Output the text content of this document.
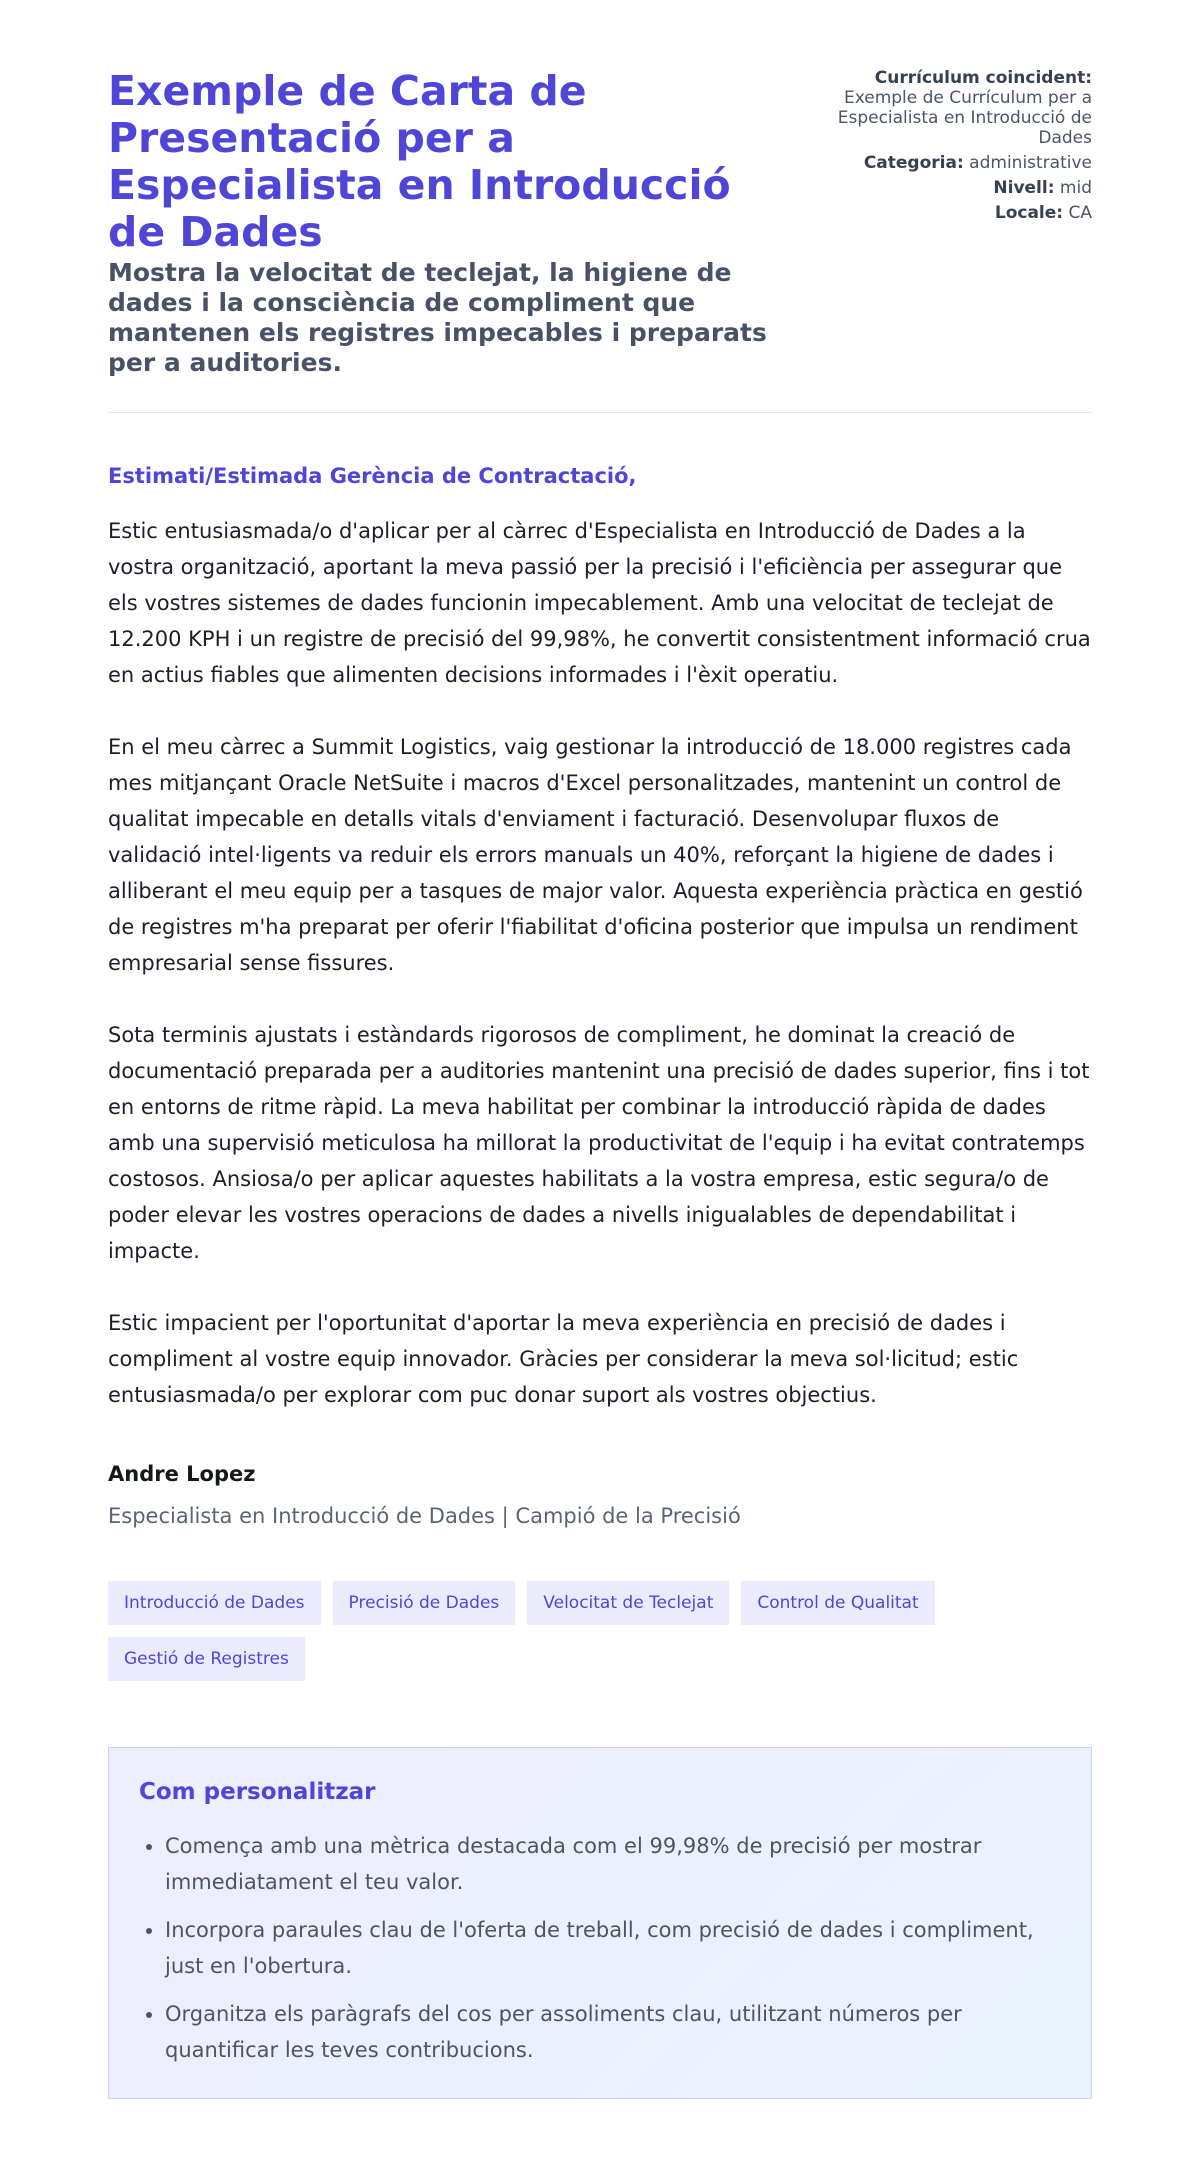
Exemple de Carta de Presentació per a Especialista en Introducció de Dades
Mostra la velocitat de teclejat, la higiene de dades i la consciència de compliment que mantenen els registres impecables i preparats per a auditories.
Currículum coincident:
Exemple de Currículum per a Especialista en Introducció de Dades
Categoria: administrative
Nivell: mid
Locale: CA

Estimati/Estimada Gerència de Contractació,

Estic entusiasmada/o d'aplicar per al càrrec d'Especialista en Introducció de Dades a la vostra organització, aportant la meva passió per la precisió i l'eficiència per assegurar que els vostres sistemes de dades funcionin impecablement. Amb una velocitat de teclejat de 12.200 KPH i un registre de precisió del 99,98%, he convertit consistentment informació crua en actius fiables que alimenten decisions informades i l'èxit operatiu.

En el meu càrrec a Summit Logistics, vaig gestionar la introducció de 18.000 registres cada mes mitjançant Oracle NetSuite i macros d'Excel personalitzades, mantenint un control de qualitat impecable en detalls vitals d'enviament i facturació. Desenvolupar fluxos de validació intel·ligents va reduir els errors manuals un 40%, reforçant la higiene de dades i alliberant el meu equip per a tasques de major valor. Aquesta experiència pràctica en gestió de registres m'ha preparat per oferir l'fiabilitat d'oficina posterior que impulsa un rendiment empresarial sense fissures.

Sota terminis ajustats i estàndards rigorosos de compliment, he dominat la creació de documentació preparada per a auditories mantenint una precisió de dades superior, fins i tot en entorns de ritme ràpid. La meva habilitat per combinar la introducció ràpida de dades amb una supervisió meticulosa ha millorat la productivitat de l'equip i ha evitat contratemps costosos. Ansiosa/o per aplicar aquestes habilitats a la vostra empresa, estic segura/o de poder elevar les vostres operacions de dades a nivells inigualables de dependabilitat i impacte.

Estic impacient per l'oportunitat d'aportar la meva experiència en precisió de dades i compliment al vostre equip innovador. Gràcies per considerar la meva sol·licitud; estic entusiasmada/o per explorar com puc donar suport als vostres objectius.

Andre Lopez
Especialista en Introducció de Dades | Campió de la Precisió
Introducció de Dades	Precisió de Dades	Velocitat de Teclejat	Control de Qualitat
Gestió de Registres
Com personalitzar
• Comença amb una mètrica destacada com el 99,98% de precisió per mostrar immediatament el teu valor.
• Incorpora paraules clau de l'oferta de treball, com precisió de dades i compliment, just en l'obertura.
• Organitza els paràgrafs del cos per assoliments clau, utilitzant números per quantificar les teves contribucions.
